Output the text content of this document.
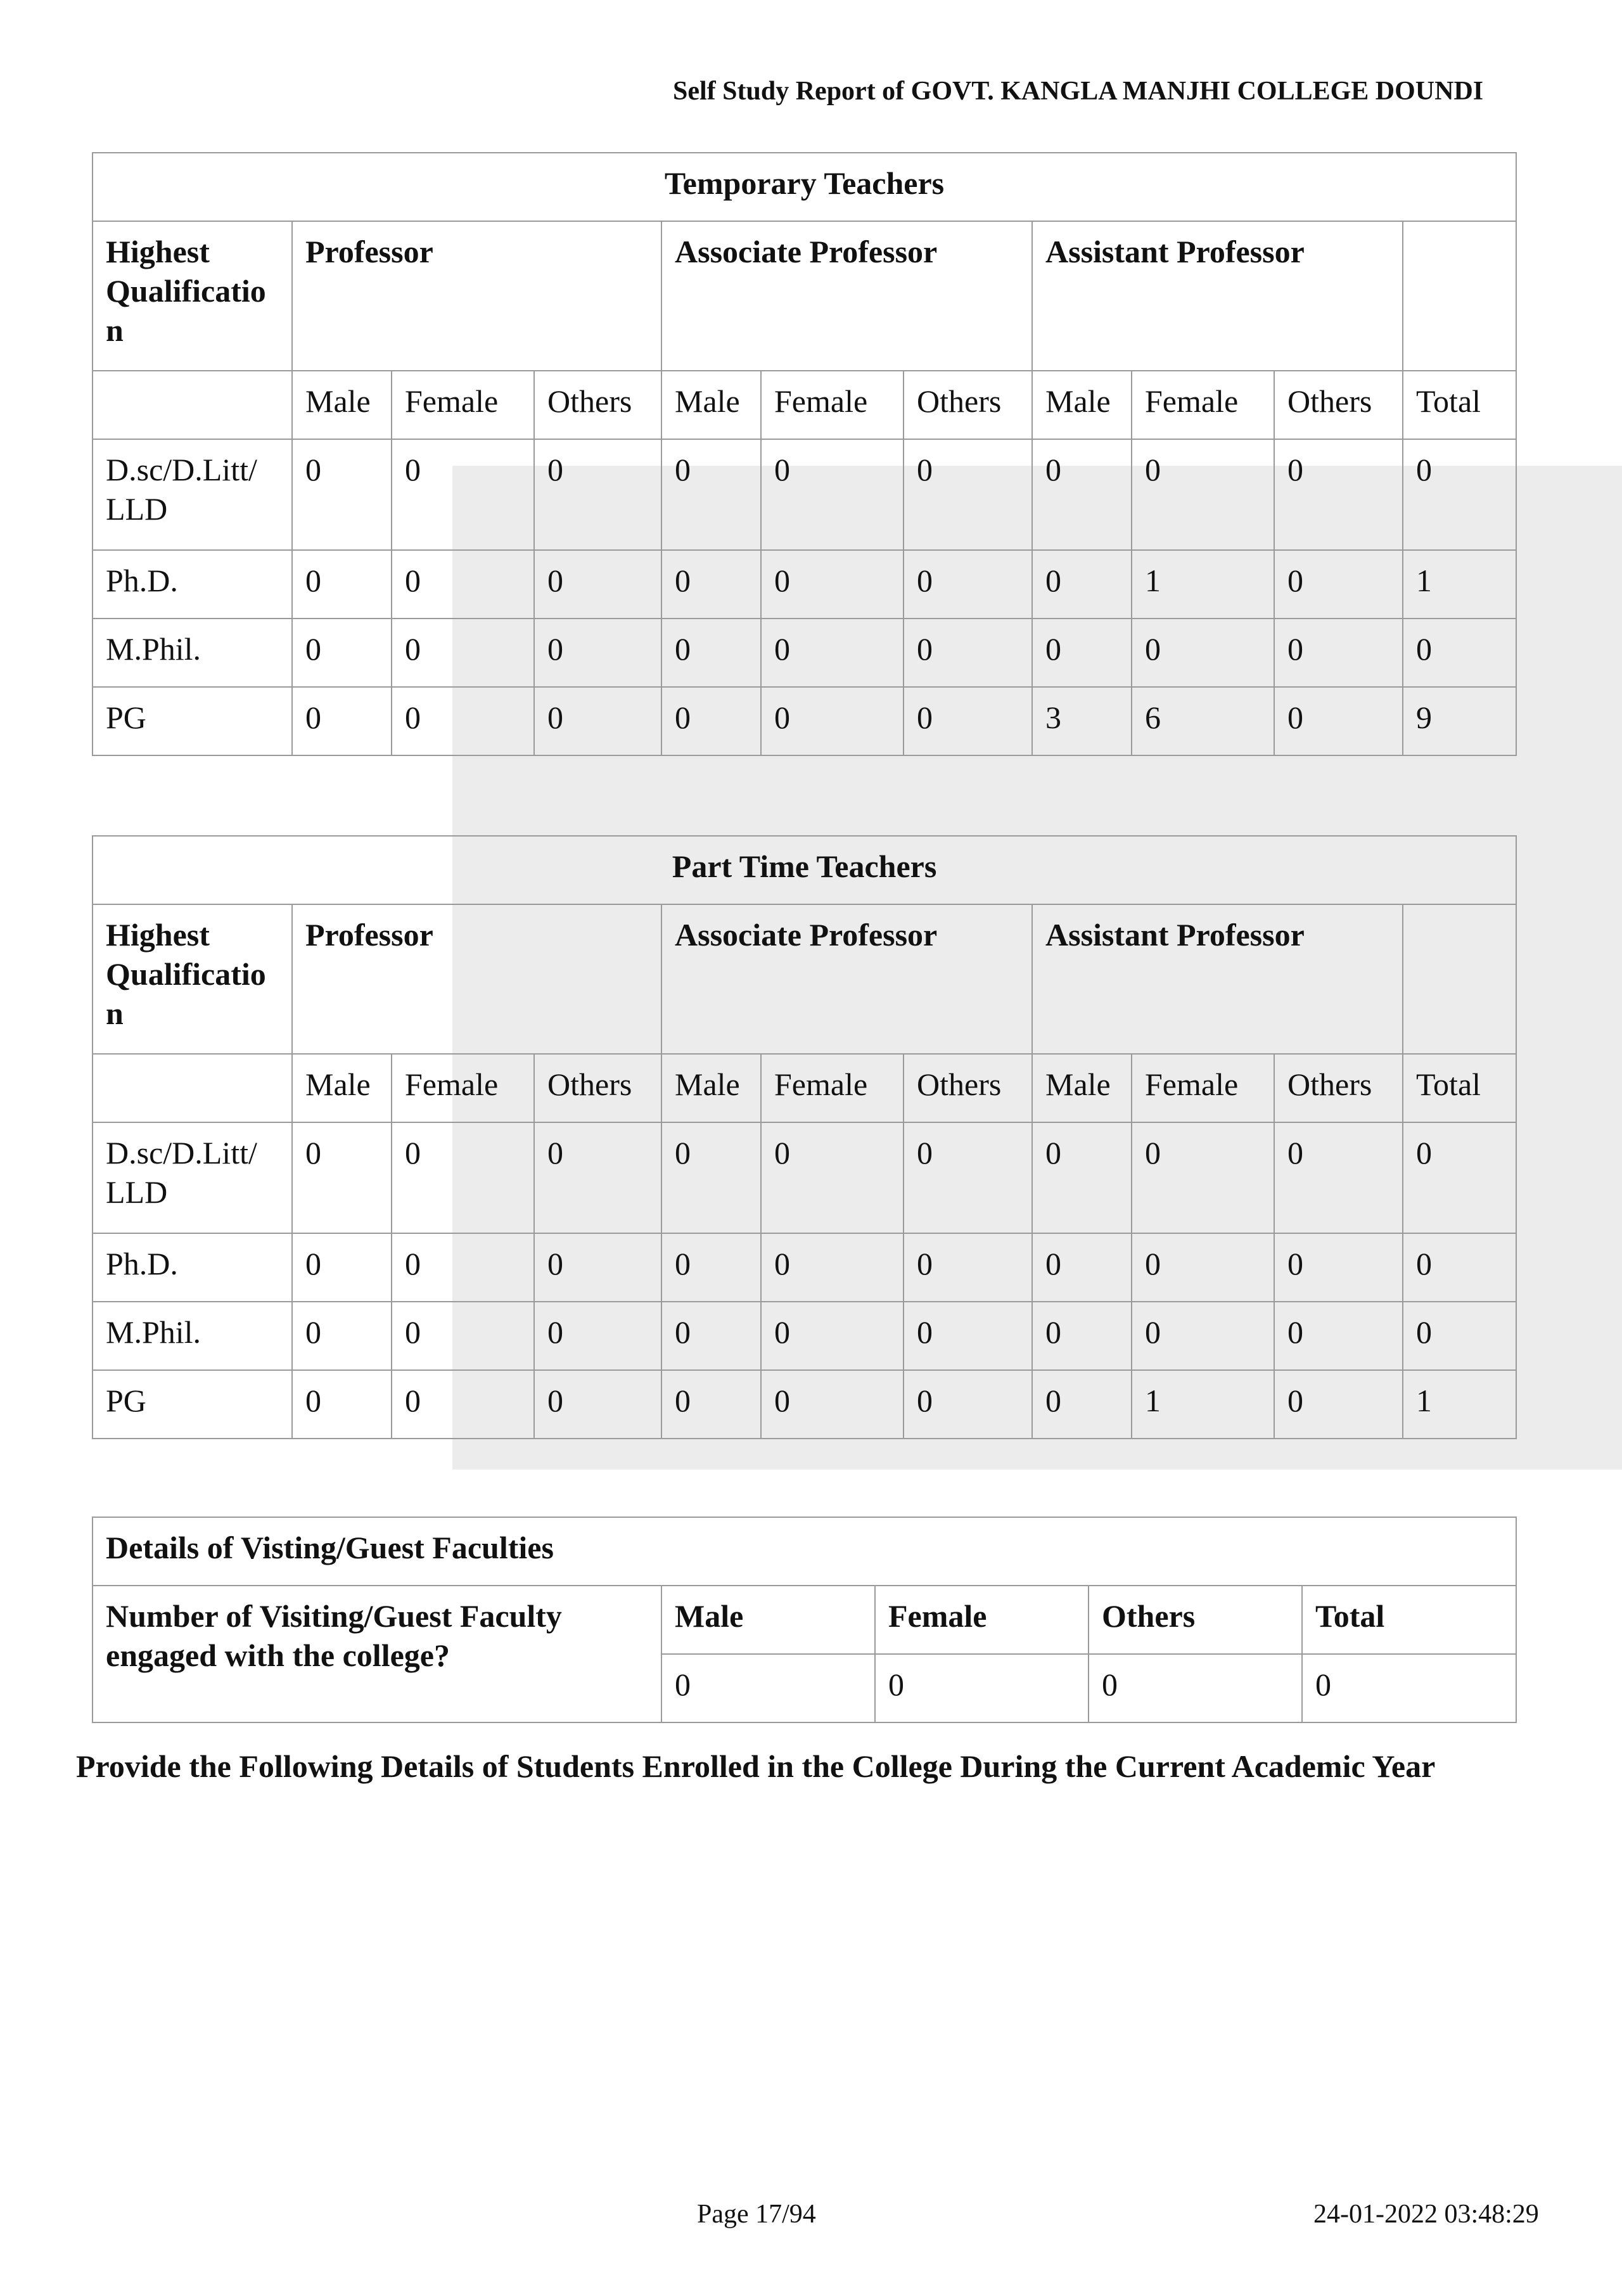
Self Study Report of GOVT. KANGLA MANJHI COLLEGE DOUNDI
Temporary Teachers										
Highest Qualificatio n	Professor			Associate Professor			Assistant Professor			
	Male	Female	Others	Male	Female	Others	Male	Female	Others	Total
D.sc/D.Litt/ LLD	0	0	0	0	0	0	0	0	0	0
Ph.D.	0	0	0	0	0	0	0	1	0	1
M.Phil.	0	0	0	0	0	0	0	0	0	0
PG	0	0	0	0	0	0	3	6	0	9
Part Time Teachers										
Highest Qualificatio n	Professor			Associate Professor			Assistant Professor			
	Male	Female	Others	Male	Female	Others	Male	Female	Others	Total
D.sc/D.Litt/ LLD	0	0	0	0	0	0	0	0	0	0
Ph.D.	0	0	0	0	0	0	0	0	0	0
M.Phil.	0	0	0	0	0	0	0	0	0	0
PG	0	0	0	0	0	0	0	1	0	1
Details of Visting/Guest Faculties				
Number of Visiting/Guest Faculty engaged with the college?	Male	Female	Others	Total
	0	0	0	0
Provide the Following Details of Students Enrolled in the College During the Current Academic Year
Page 17/94	24-01-2022 03:48:29
